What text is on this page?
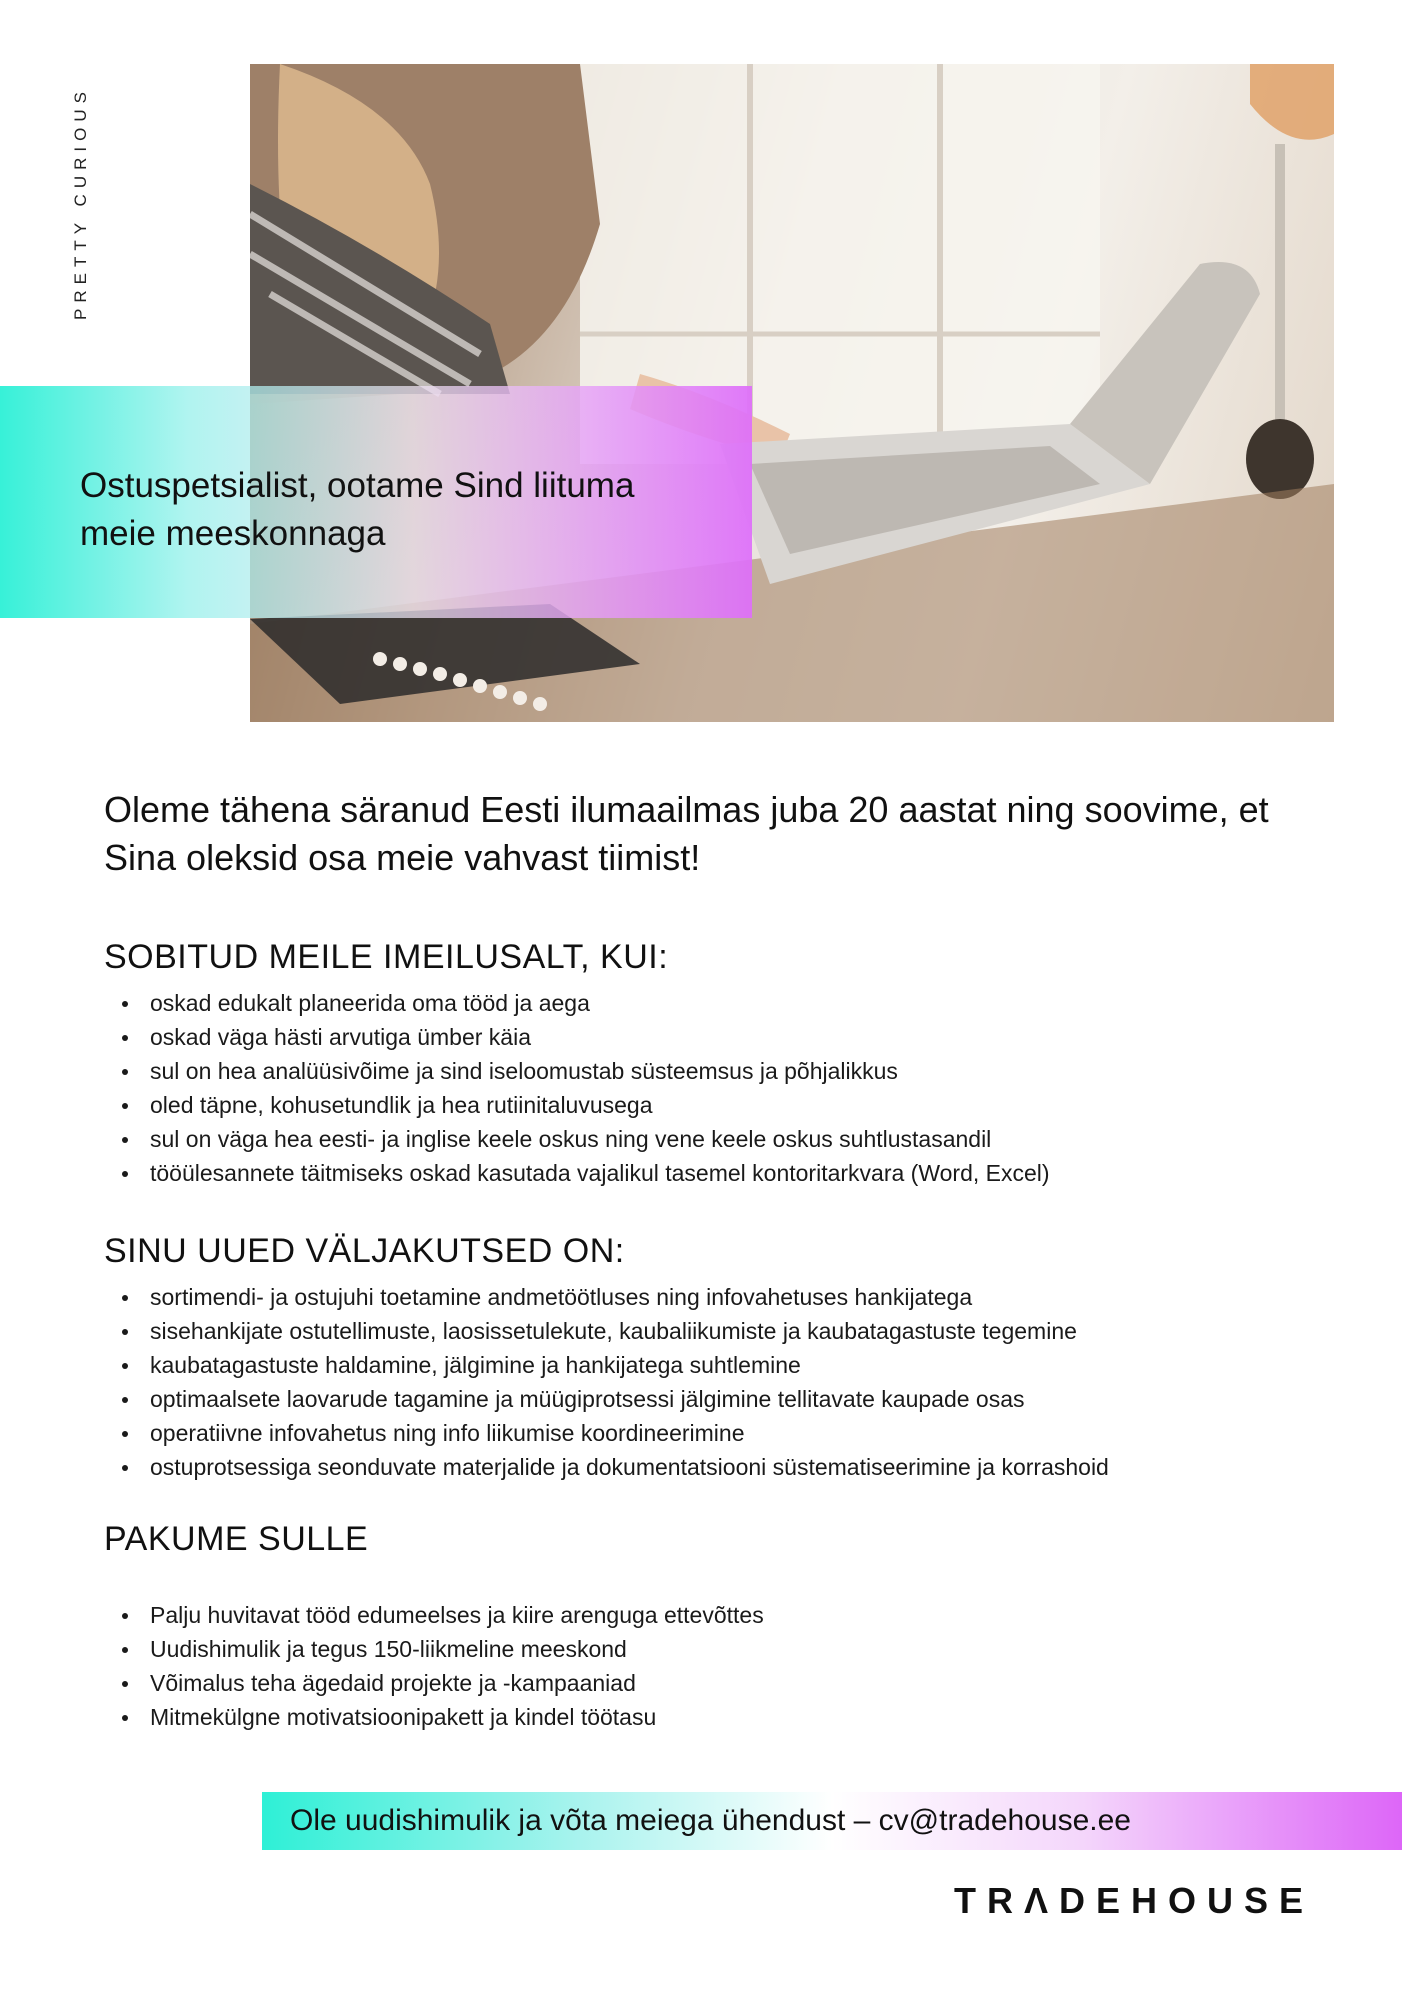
PRETTY CURIOUS
Ostuspetsialist, ootame Sind liituma meie meeskonnaga

Oleme tähena säranud Eesti ilumaailmas juba 20 aastat ning soovime, et Sina oleksid osa meie vahvast tiimist!

SOBITUD MEILE IMEILUSALT, KUI:
oskad edukalt planeerida oma tööd ja aega
oskad väga hästi arvutiga ümber käia
sul on hea analüüsivõime ja sind iseloomustab süsteemsus ja põhjalikkus
oled täpne, kohusetundlik ja hea rutiinitaluvusega
sul on väga hea eesti- ja inglise keele oskus ning vene keele oskus suhtlustasandil
tööülesannete täitmiseks oskad kasutada vajalikul tasemel kontoritarkvara (Word, Excel)
SINU UUED VÄLJAKUTSED ON:
sortimendi- ja ostujuhi toetamine andmetöötluses ning infovahetuses hankijatega
sisehankijate ostutellimuste, laosissetulekute, kaubaliikumiste ja kaubatagastuste tegemine
kaubatagastuste haldamine, jälgimine ja hankijatega suhtlemine
optimaalsete laovarude tagamine ja müügiprotsessi jälgimine tellitavate kaupade osas
operatiivne infovahetus ning info liikumise koordineerimine
ostuprotsessiga seonduvate materjalide ja dokumentatsiooni süstematiseerimine ja korrashoid
PAKUME SULLE
Palju huvitavat tööd edumeelses ja kiire arenguga ettevõttes
Uudishimulik ja tegus 150-liikmeline meeskond
Võimalus teha ägedaid projekte ja -kampaaniad
Mitmekülgne motivatsioonipakett ja kindel töötasu
Ole uudishimulik ja võta meiega ühendust – cv@tradehouse.ee
TRΛDEHOUSE
